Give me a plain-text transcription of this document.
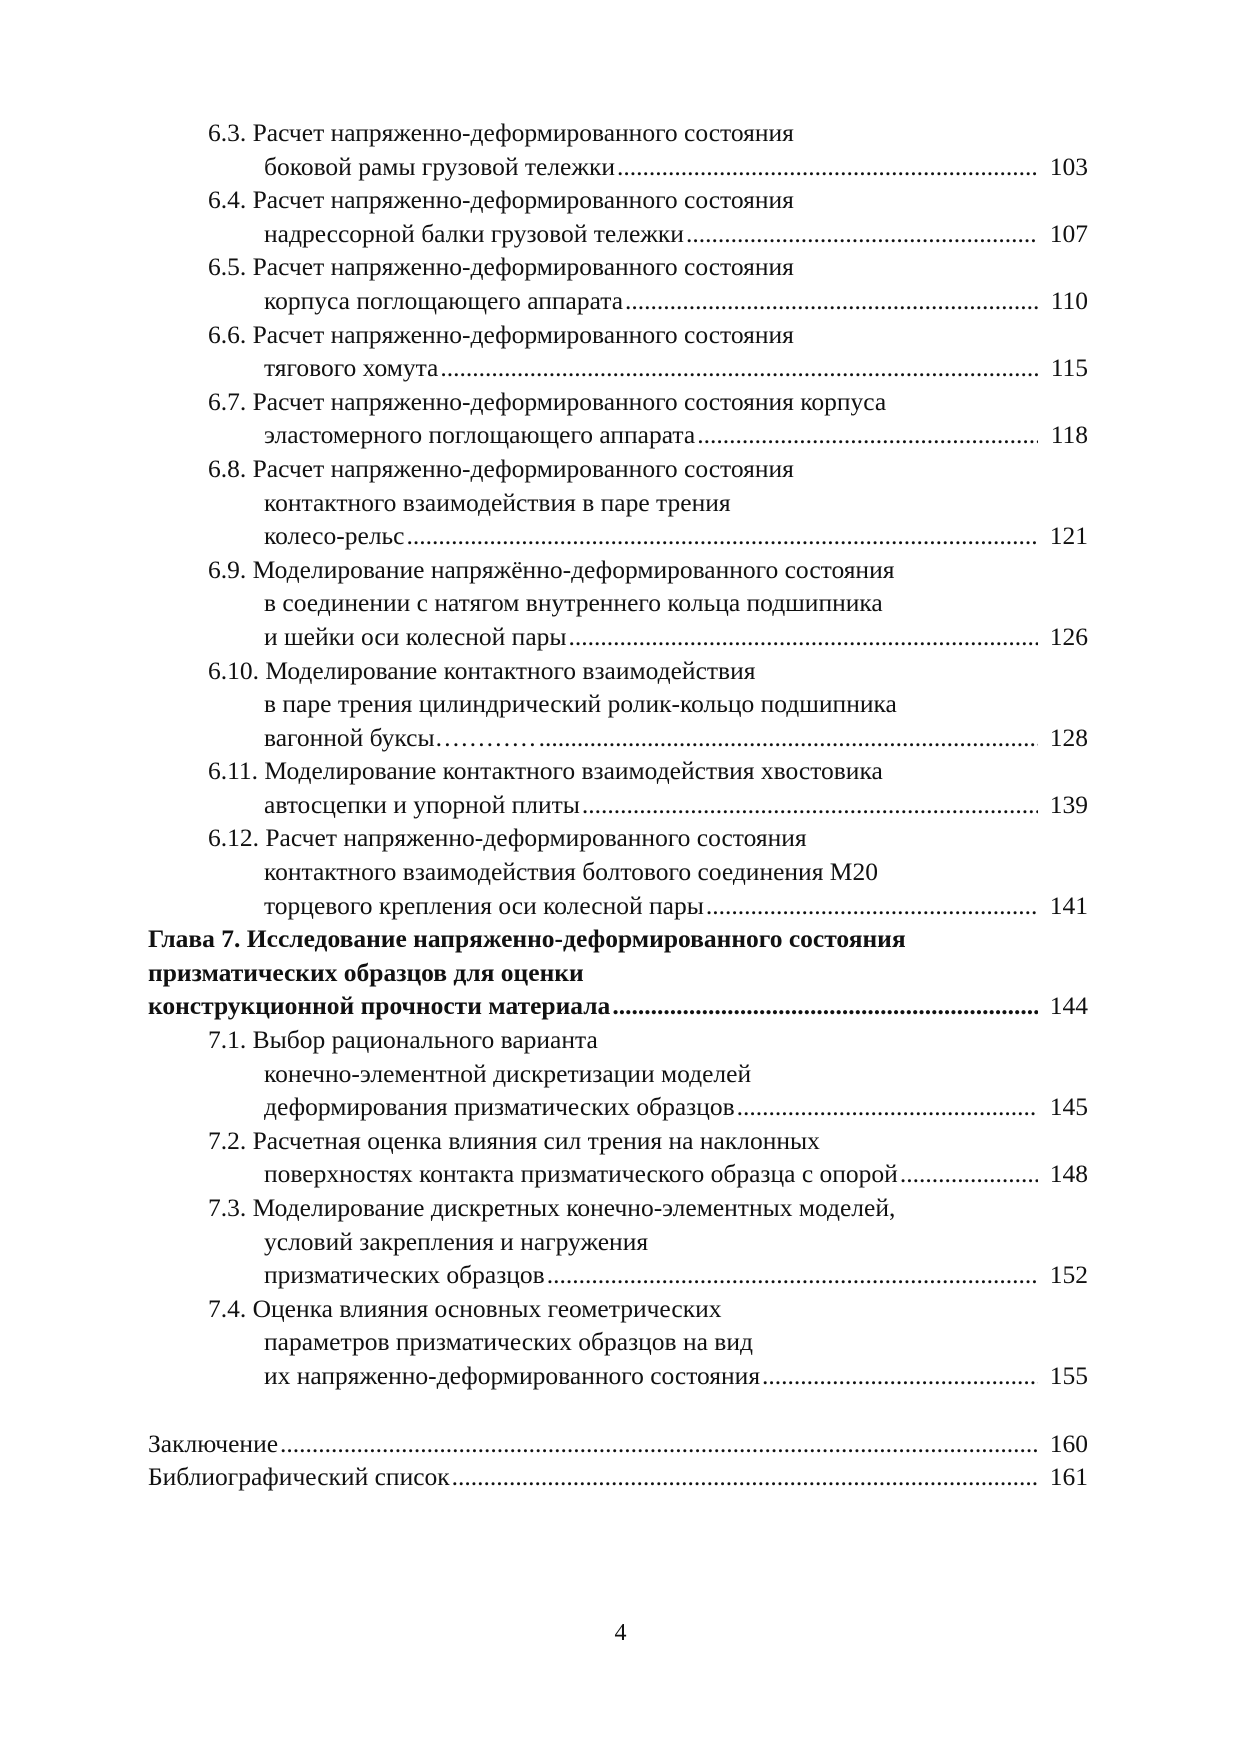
6.3. Расчет напряженно-деформированного состояния
боковой рамы грузовой тележки .....	103
6.4. Расчет напряженно-деформированного состояния
надрессорной балки грузовой тележки .....	107
6.5. Расчет напряженно-деформированного состояния
корпуса поглощающего аппарата .....	110
6.6. Расчет напряженно-деформированного состояния
тягового хомута .....	115
6.7. Расчет напряженно-деформированного состояния корпуса
эластомерного поглощающего аппарата .....	118
6.8. Расчет напряженно-деформированного состояния
контактного взаимодействия в паре трения
колесо-рельс .....	121
6.9. Моделирование напряжённо-деформированного состояния
в соединении с натягом внутреннего кольца подшипника
и шейки оси колесной пары .....	126
6.10. Моделирование контактного взаимодействия
в паре трения цилиндрический ролик-кольцо подшипника
вагонной буксы………… .....	128
6.11. Моделирование контактного взаимодействия хвостовика
автосцепки и упорной плиты .....	139
6.12. Расчет напряженно-деформированного состояния
контактного взаимодействия болтового соединения М20
торцевого крепления оси колесной пары .....	141
Глава 7. Исследование напряженно-деформированного состояния
призматических образцов для оценки
конструкционной прочности материала .....	144
7.1. Выбор рационального варианта
конечно-элементной дискретизации моделей
деформирования призматических образцов .....	145
7.2. Расчетная оценка влияния сил трения на наклонных
поверхностях контакта призматического образца с опорой .....	148
7.3. Моделирование дискретных конечно-элементных моделей,
условий закрепления и нагружения
призматических образцов .....	152
7.4. Оценка влияния основных геометрических
параметров призматических образцов на вид
их напряженно-деформированного состояния .....	155
Заключение .....	160
Библиографический список .....	161
4
